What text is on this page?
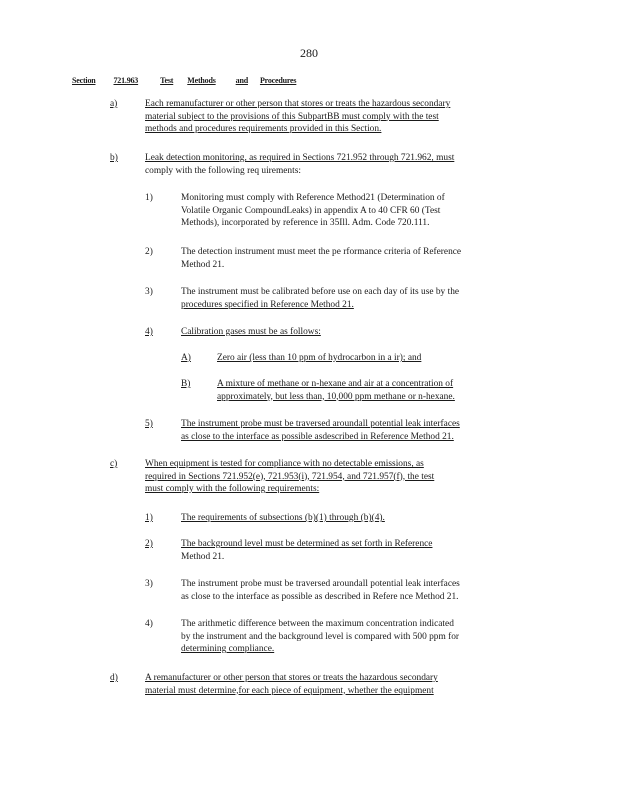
280
Section 721.963	Test Methods	and Procedures
a)	Each remanufacturer or other person that stores or treats the hazardous secondary
material subject to the provisions of this SubpartBB must comply with the test
methods and procedures requirements provided in this Section.
b)	Leak detection monitoring, as required in Sections 721.952 through 721.962, must
comply with the following req uirements:
1)	Monitoring must comply with Reference Method21 (Determination of
Volatile Organic CompoundLeaks) in appendix A to 40 CFR 60 (Test
Methods), incorporated by reference in 35Ill. Adm. Code 720.111.
2)	The detection instrument must meet the pe rformance criteria of Reference
Method 21.
3)	The instrument must be calibrated before use on each day of its use by the
procedures specified in Reference Method 21.
4)	Calibration gases must be as follows:
A)	Zero air (less than 10 ppm of hydrocarbon in a ir); and
B)	A mixture of methane or n-hexane and air at a concentration of
approximately, but less than, 10,000 ppm methane or n-hexane.
5)	The instrument probe must be traversed aroundall potential leak interfaces
as close to the interface as possible asdescribed in Reference Method 21.
c)	When equipment is tested for compliance with no detectable emissions, as
required in Sections 721.952(e), 721.953(i), 721.954, and 721.957(f), the test
must comply with the following requirements:
1)	The requirements of subsections (b)(1) through (b)(4).
2)	The background level must be determined as set forth in Reference
Method 21.
3)	The instrument probe must be traversed aroundall potential leak interfaces
as close to the interface as possible as described in Refere nce Method 21.
4)	The arithmetic difference between the maximum concentration indicated
by the instrument and the background level is compared with 500 ppm for
determining compliance.
d)	A remanufacturer or other person that stores or treats the hazardous secondary
material must determine,for each piece of equipment, whether the equipment
